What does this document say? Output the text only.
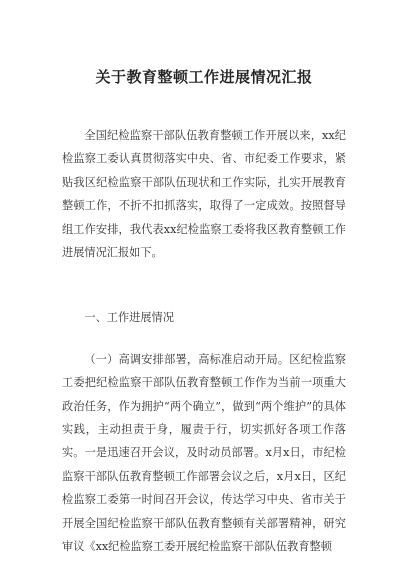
关于教育整顿工作进展情况汇报

全国纪检监察干部队伍教育整顿工作开展以来，xx纪检监察工委认真贯彻落实中央、省、市纪委工作要求，紧贴我区纪检监察干部队伍现状和工作实际，扎实开展教育整顿工作，不折不扣抓落实，取得了一定成效。按照督导组工作安排，我代表xx纪检监察工委将我区教育整顿工作进展情况汇报如下。

一、工作进展情况

（一）高调安排部署，高标准启动开局。区纪检监察工委把纪检监察干部队伍教育整顿工作作为当前一项重大政治任务，作为拥护“两个确立”，做到“两个维护”的具体实践，主动担责于身，履责于行，切实抓好各项工作落实。一是迅速召开会议，及时动员部署。x月x日，市纪检监察干部队伍教育整顿工作部署会议之后，x月x日，区纪检监察工委第一时间召开会议，传达学习中央、省市关于开展全国纪检监察干部队伍教育整顿有关部署精神，研究审议《xx纪检监察工委开展纪检监察干部队伍教育整顿
